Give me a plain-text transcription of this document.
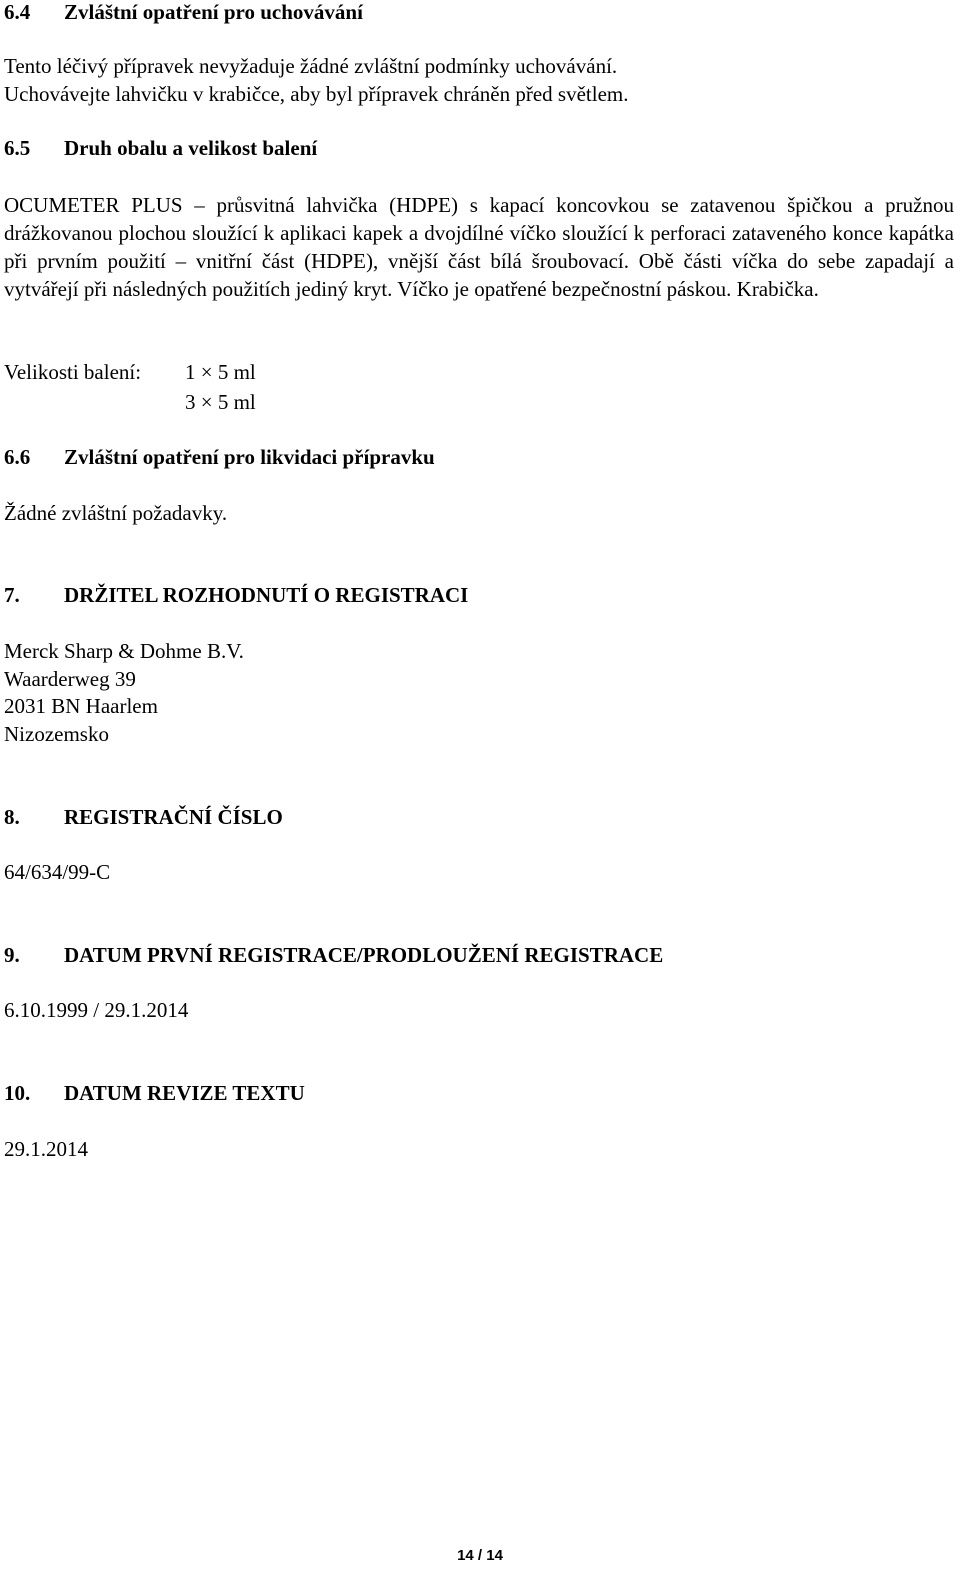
6.4 Zvláštní opatření pro uchovávání
Tento léčivý přípravek nevyžaduje žádné zvláštní podmínky uchovávání.
Uchovávejte lahvičku v krabičce, aby byl přípravek chráněn před světlem.
6.5 Druh obalu a velikost balení
OCUMETER PLUS – průsvitná lahvička (HDPE) s kapací koncovkou se zatavenou špičkou a pružnou drážkovanou plochou sloužící k aplikaci kapek a dvojdílné víčko sloužící k perforaci zataveného konce kapátka při prvním použití – vnitřní část (HDPE), vnější část bílá šroubovací. Obě části víčka do sebe zapadají a vytvářejí při následných použitích jediný kryt. Víčko je opatřené bezpečnostní páskou. Krabička.
Velikosti balení: 1 × 5 ml
3 × 5 ml
6.6 Zvláštní opatření pro likvidaci přípravku
Žádné zvláštní požadavky.
7. DRŽITEL ROZHODNUTÍ O REGISTRACI
Merck Sharp & Dohme B.V.
Waarderweg 39
2031 BN Haarlem
Nizozemsko
8. REGISTRAČNÍ ČÍSLO
64/634/99-C
9. DATUM PRVNÍ REGISTRACE/PRODLOUŽENÍ REGISTRACE
6.10.1999 / 29.1.2014
10. DATUM REVIZE TEXTU
29.1.2014
14 / 14
